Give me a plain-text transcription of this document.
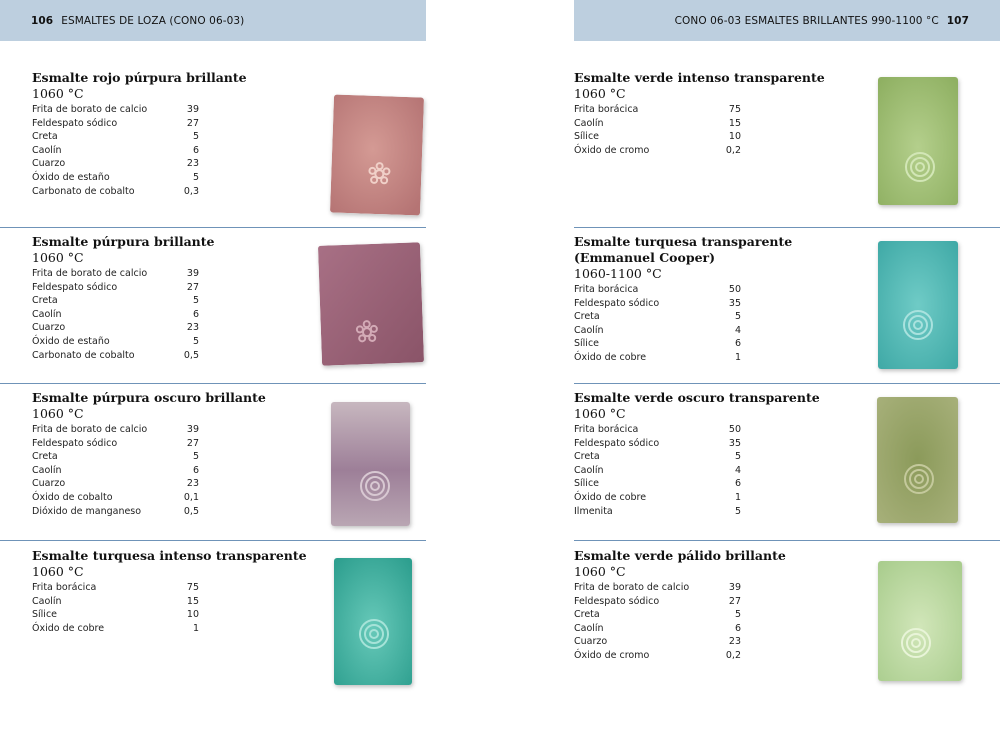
106 ESMALTES DE LOZA (CONO 06-03)	CONO 06-03 ESMALTES BRILLANTES 990-1100 °C 107
Esmalte rojo púrpura brillante
1060 °C
Frita de borato de calcio	39
Feldespato sódico	27
Creta	5
Caolín	6
Cuarzo	23
Óxido de estaño	5
Carbonato de cobalto	0,3
Esmalte púrpura brillante
1060 °C
Frita de borato de calcio	39
Feldespato sódico	27
Creta	5
Caolín	6
Cuarzo	23
Óxido de estaño	5
Carbonato de cobalto	0,5
Esmalte púrpura oscuro brillante
1060 °C
Frita de borato de calcio	39
Feldespato sódico	27
Creta	5
Caolín	6
Cuarzo	23
Óxido de cobalto	0,1
Dióxido de manganeso	0,5
Esmalte turquesa intenso transparente
1060 °C
Frita borácica	75
Caolín	15
Sílice	10
Óxido de cobre	1
Esmalte verde intenso transparente
1060 °C
Frita borácica	75
Caolín	15
Sílice	10
Óxido de cromo	0,2
Esmalte turquesa transparente (Emmanuel Cooper)
1060-1100 °C
Frita borácica	50
Feldespato sódico	35
Creta	5
Caolín	4
Sílice	6
Óxido de cobre	1
Esmalte verde oscuro transparente
1060 °C
Frita borácica	50
Feldespato sódico	35
Creta	5
Caolín	4
Sílice	6
Óxido de cobre	1
Ilmenita	5
Esmalte verde pálido brillante
1060 °C
Frita de borato de calcio	39
Feldespato sódico	27
Creta	5
Caolín	6
Cuarzo	23
Óxido de cromo	0,2
